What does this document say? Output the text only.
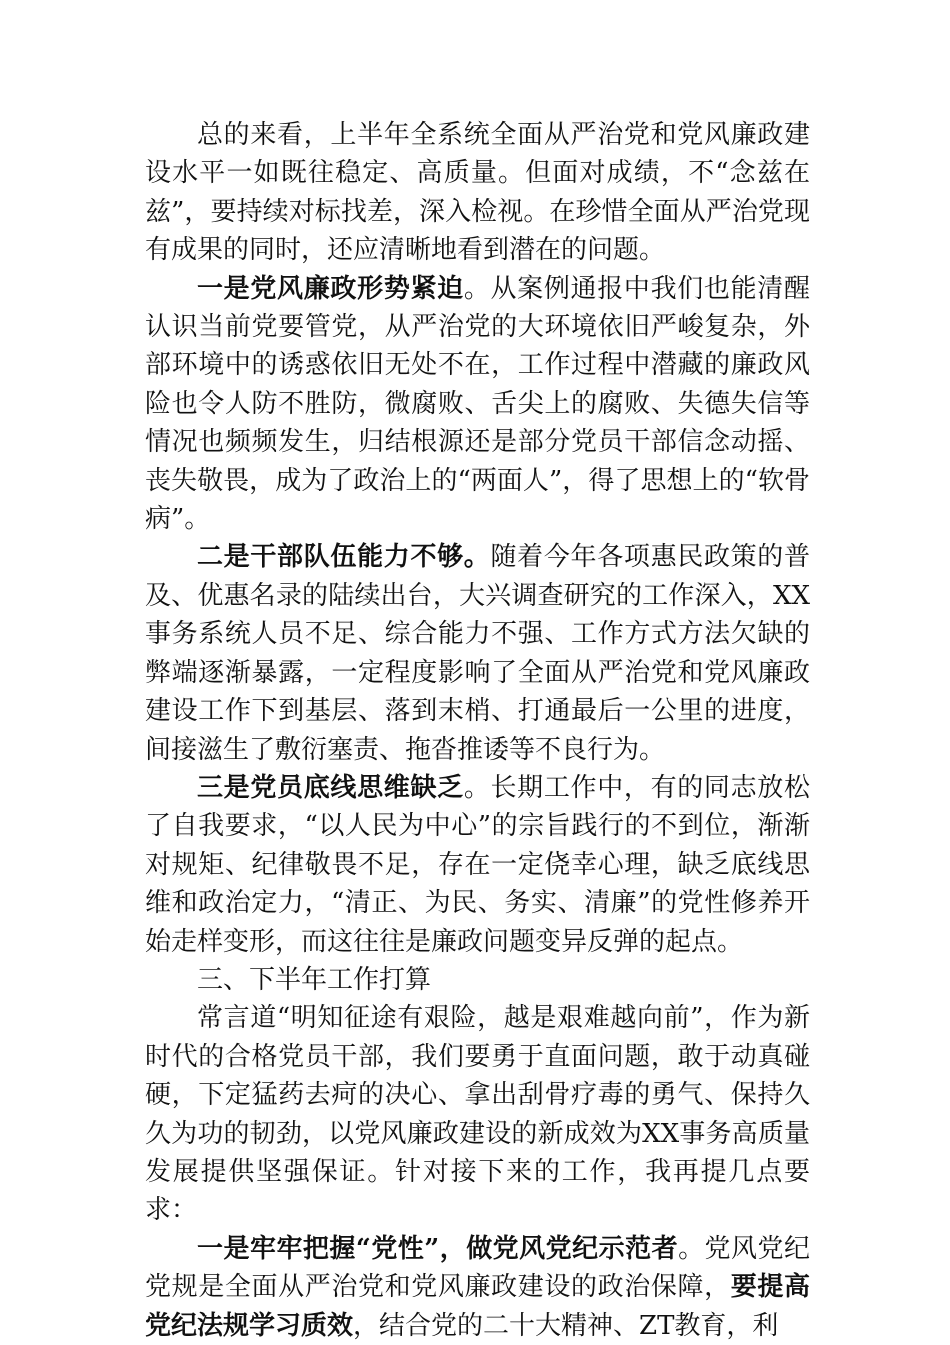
总的来看，上半年全系统全面从严治党和党风廉政建设水平一如既往稳定、高质量。但面对成绩，不“念兹在兹”，要持续对标找差，深入检视。在珍惜全面从严治党现有成果的同时，还应清晰地看到潜在的问题。

一是党风廉政形势紧迫。从案例通报中我们也能清醒认识当前党要管党，从严治党的大环境依旧严峻复杂，外部环境中的诱惑依旧无处不在，工作过程中潜藏的廉政风险也令人防不胜防，微腐败、舌尖上的腐败、失德失信等情况也频频发生，归结根源还是部分党员干部信念动摇、丧失敬畏，成为了政治上的“两面人”，得了思想上的“软骨病”。

二是干部队伍能力不够。随着今年各项惠民政策的普及、优惠名录的陆续出台，大兴调查研究的工作深入，XX事务系统人员不足、综合能力不强、工作方式方法欠缺的弊端逐渐暴露，一定程度影响了全面从严治党和党风廉政建设工作下到基层、落到末梢、打通最后一公里的进度，间接滋生了敷衍塞责、拖沓推诿等不良行为。

三是党员底线思维缺乏。长期工作中，有的同志放松了自我要求，“以人民为中心”的宗旨践行的不到位，渐渐对规矩、纪律敬畏不足，存在一定侥幸心理，缺乏底线思维和政治定力，“清正、为民、务实、清廉”的党性修养开始走样变形，而这往往是廉政问题变异反弹的起点。

三、下半年工作打算

常言道“明知征途有艰险，越是艰难越向前”，作为新时代的合格党员干部，我们要勇于直面问题，敢于动真碰硬，下定猛药去疴的决心、拿出刮骨疗毒的勇气、保持久久为功的韧劲，以党风廉政建设的新成效为XX事务高质量发展提供坚强保证。针对接下来的工作，我再提几点要求：

一是牢牢把握“党性”，做党风党纪示范者。党风党纪党规是全面从严治党和党风廉政建设的政治保障，要提高党纪法规学习质效，结合党的二十大精神、ZT教育，利
